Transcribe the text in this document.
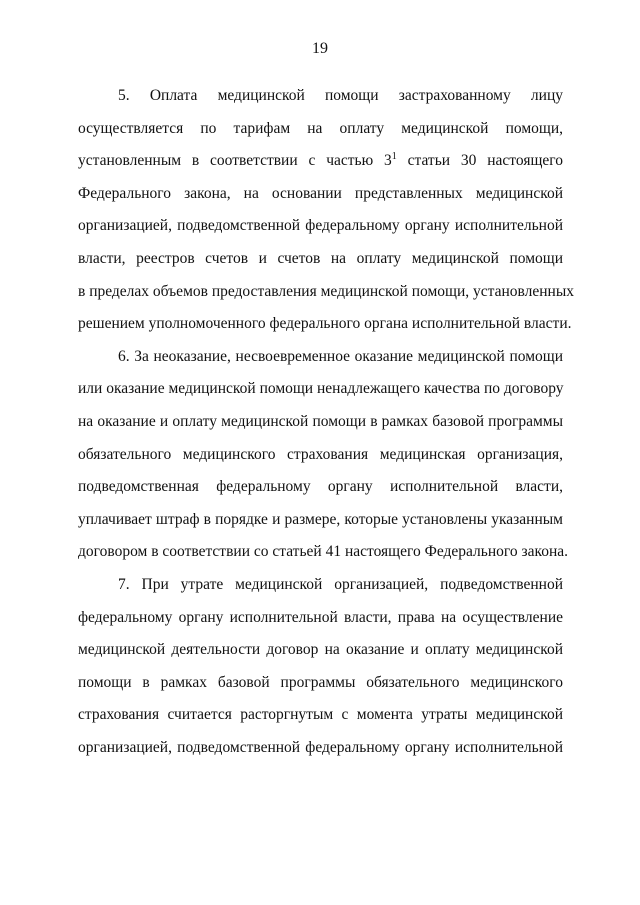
19
5. Оплата медицинской помощи застрахованному лицу
осуществляется по тарифам на оплату медицинской помощи,
установленным в соответствии с частью $3^1$ статьи 30 настоящего
Федерального закона, на основании представленных медицинской
организацией, подведомственной федеральному органу исполнительной
власти, реестров счетов и счетов на оплату медицинской помощи
в пределах объемов предоставления медицинской помощи, установленных
решением уполномоченного федерального органа исполнительной власти.
6. За неоказание, несвоевременное оказание медицинской помощи
или оказание медицинской помощи ненадлежащего качества по договору
на оказание и оплату медицинской помощи в рамках базовой программы
обязательного медицинского страхования медицинская организация,
подведомственная федеральному органу исполнительной власти,
уплачивает штраф в порядке и размере, которые установлены указанным
договором в соответствии со статьей 41 настоящего Федерального закона.
7. При утрате медицинской организацией, подведомственной
федеральному органу исполнительной власти, права на осуществление
медицинской деятельности договор на оказание и оплату медицинской
помощи в рамках базовой программы обязательного медицинского
страхования считается расторгнутым с момента утраты медицинской
организацией, подведомственной федеральному органу исполнительной
